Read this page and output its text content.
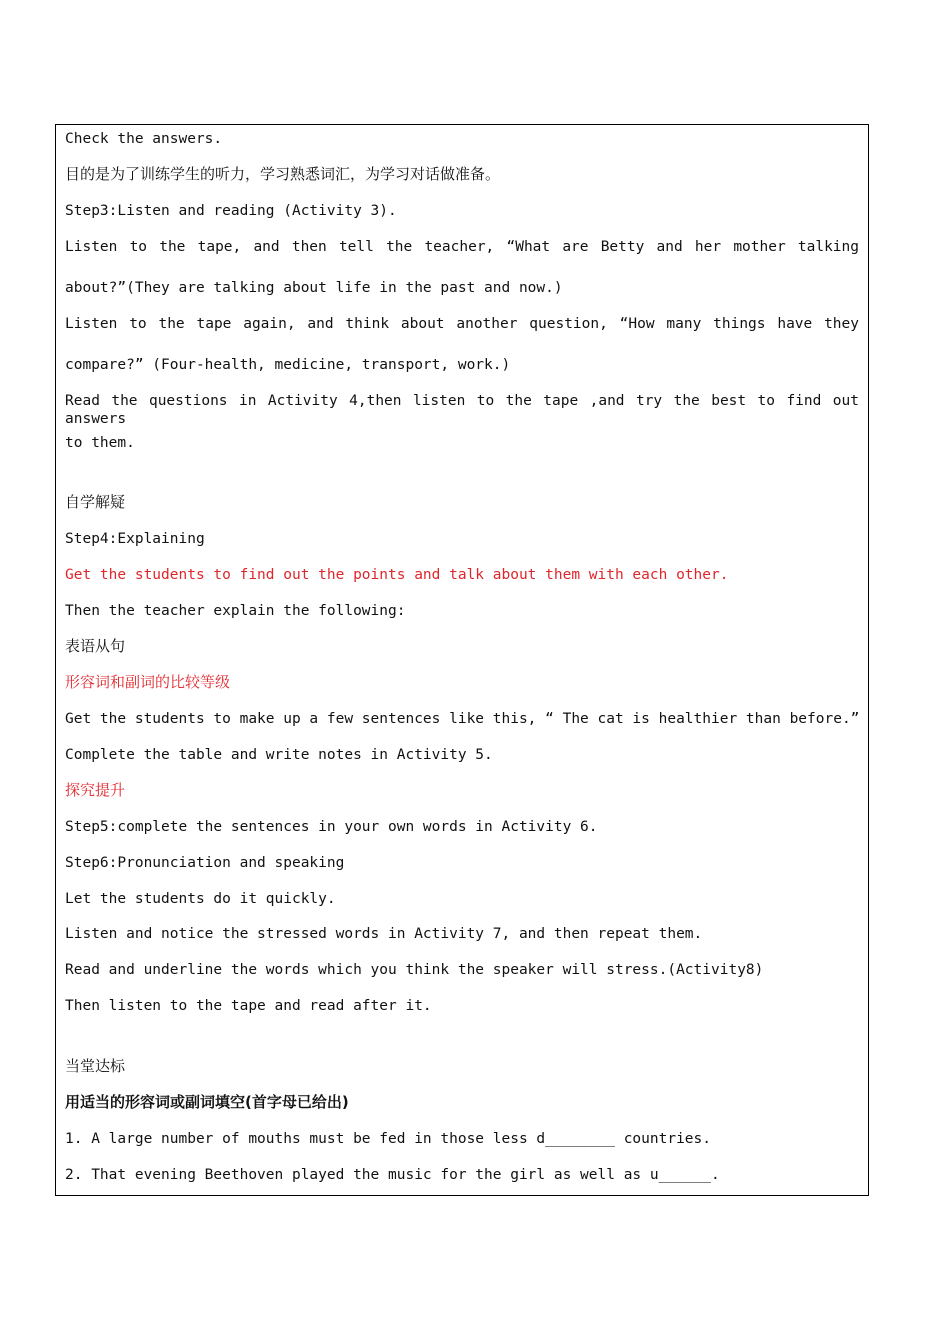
Check the answers.
目的是为了训练学生的听力，学习熟悉词汇，为学习对话做准备。
Step3:Listen and reading (Activity 3).
Listen to the tape, and then tell the teacher, “What are Betty and her mother talking
about?”(They are talking about life in the past and now.)
Listen to the tape again, and think about another question, “How many things have they
compare?” (Four-health, medicine, transport, work.)
Read the questions in Activity 4,then listen to the tape ,and try the best to find out answers
to them.
自学解疑
Step4:Explaining
Get the students to find out the points and talk about them with each other.
Then the teacher explain the following:
表语从句
形容词和副词的比较等级
Get the students to make up a few sentences like this, “ The cat is healthier than before.”
Complete the table and write notes in Activity 5.
探究提升
Step5:complete the sentences in your own words in Activity 6.
Step6:Pronunciation and speaking
Let the students do it quickly.
Listen and notice the stressed words in Activity 7, and then repeat them.
Read and underline the words which you think the speaker will stress.(Activity8)
Then listen to the tape and read after it.
当堂达标
用适当的形容词或副词填空(首字母已给出)
1. A large number of mouths must be fed in those less d________ countries.
2. That evening Beethoven played the music for the girl as well as u______.
